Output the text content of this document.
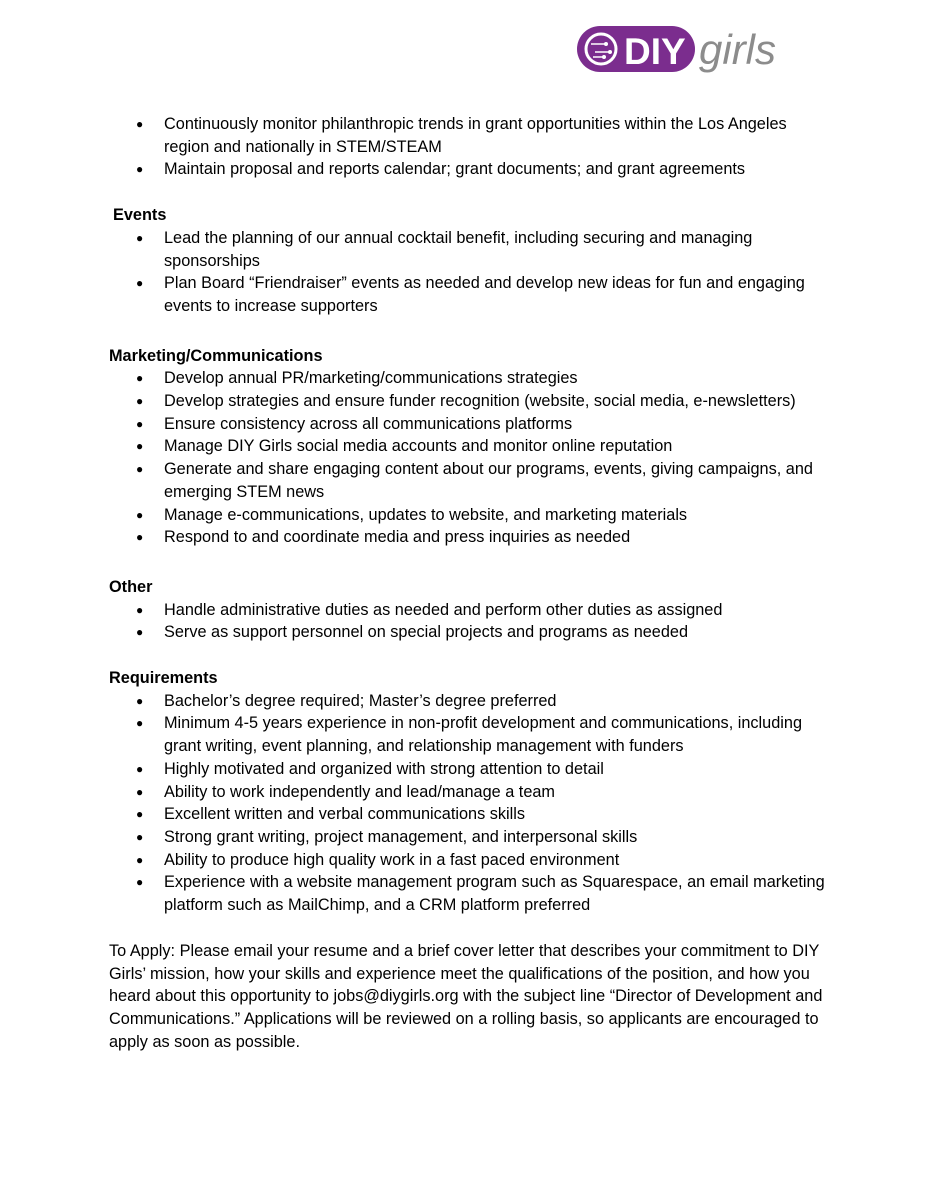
DIY girls
● Continuously monitor philanthropic trends in grant opportunities within the Los Angeles region and nationally in STEM/STEAM
● Maintain proposal and reports calendar; grant documents; and grant agreements
Events
● Lead the planning of our annual cocktail benefit, including securing and managing sponsorships
● Plan Board “Friendraiser” events as needed and develop new ideas for fun and engaging events to increase supporters
Marketing/Communications
● Develop annual PR/marketing/communications strategies
● Develop strategies and ensure funder recognition (website, social media, e-newsletters)
● Ensure consistency across all communications platforms
● Manage DIY Girls social media accounts and monitor online reputation
● Generate and share engaging content about our programs, events, giving campaigns, and emerging STEM news
● Manage e-communications, updates to website, and marketing materials
● Respond to and coordinate media and press inquiries as needed
Other
● Handle administrative duties as needed and perform other duties as assigned
● Serve as support personnel on special projects and programs as needed
Requirements
● Bachelor’s degree required; Master’s degree preferred
● Minimum 4-5 years experience in non-profit development and communications, including grant writing, event planning, and relationship management with funders
● Highly motivated and organized with strong attention to detail
● Ability to work independently and lead/manage a team
● Excellent written and verbal communications skills
● Strong grant writing, project management, and interpersonal skills
● Ability to produce high quality work in a fast paced environment
● Experience with a website management program such as Squarespace, an email marketing platform such as MailChimp, and a CRM platform preferred

To Apply: Please email your resume and a brief cover letter that describes your commitment to DIY Girls’ mission, how your skills and experience meet the qualifications of the position, and how you heard about this opportunity to jobs@diygirls.org with the subject line “Director of Development and Communications.” Applications will be reviewed on a rolling basis, so applicants are encouraged to apply as soon as possible.
